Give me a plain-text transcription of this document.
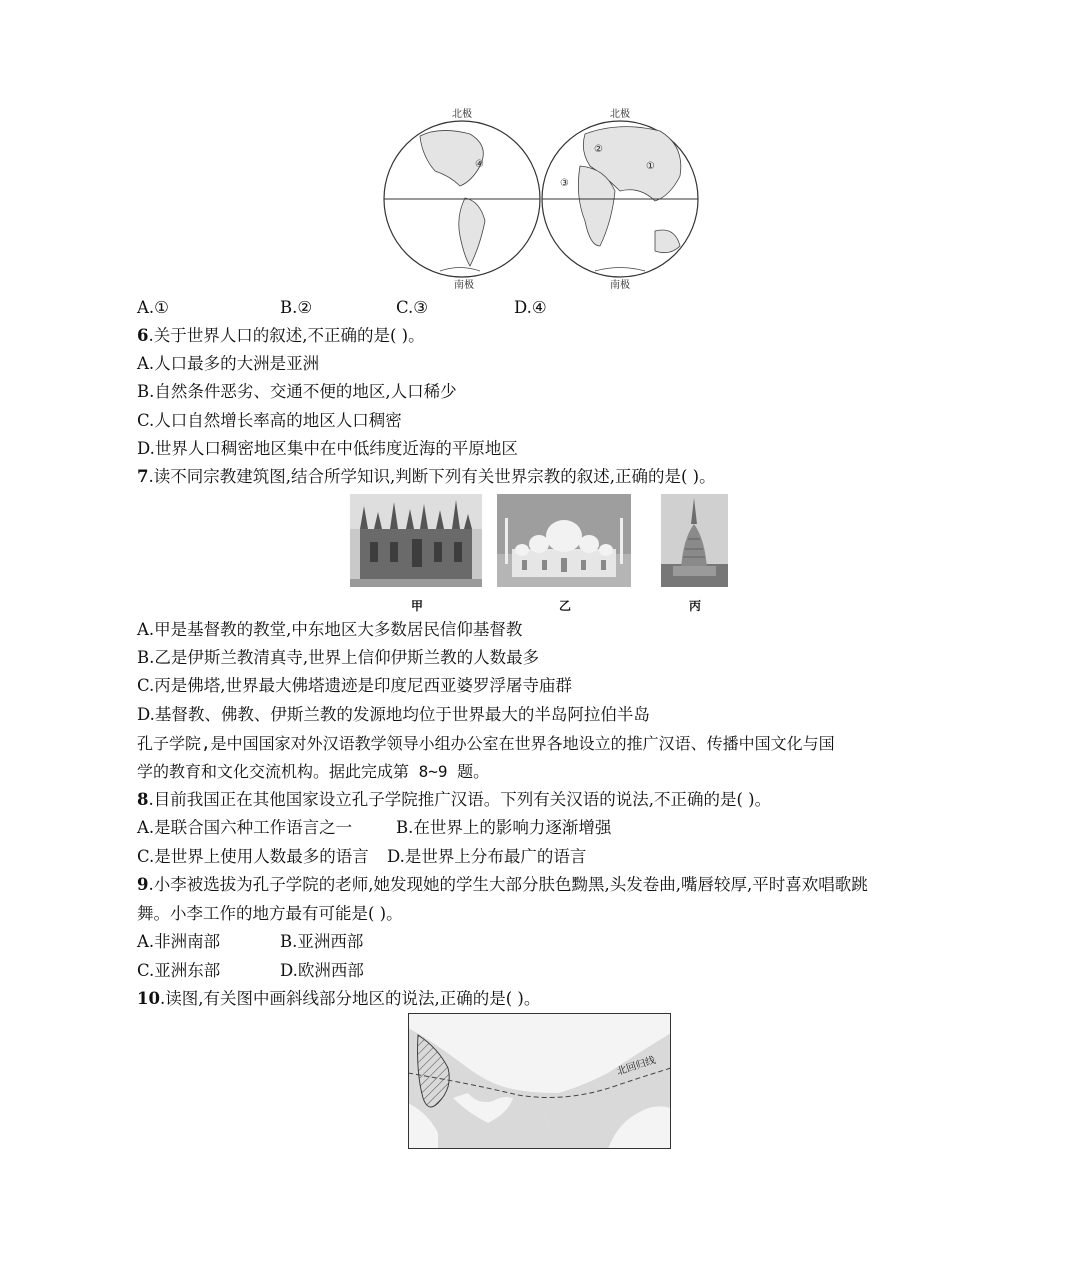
北极	北极
南极	南极
①
②
③
④
A.①	B.②	C.③	D.④
6.关于世界人口的叙述,不正确的是( )。
A.人口最多的大洲是亚洲
B.自然条件恶劣、交通不便的地区,人口稀少
C.人口自然增长率高的地区人口稠密
D.世界人口稠密地区集中在中低纬度近海的平原地区
7.读不同宗教建筑图,结合所学知识,判断下列有关世界宗教的叙述,正确的是( )。
甲	乙	丙
A.甲是基督教的教堂,中东地区大多数居民信仰基督教
B.乙是伊斯兰教清真寺,世界上信仰伊斯兰教的人数最多
C.丙是佛塔,世界最大佛塔遗迹是印度尼西亚婆罗浮屠寺庙群
D.基督教、佛教、伊斯兰教的发源地均位于世界最大的半岛阿拉伯半岛
孔子学院,是中国国家对外汉语教学领导小组办公室在世界各地设立的推广汉语、传播中国文化与国
学的教育和文化交流机构。据此完成第 8~9 题。
8.目前我国正在其他国家设立孔子学院推广汉语。下列有关汉语的说法,不正确的是( )。
A.是联合国六种工作语言之一	B.在世界上的影响力逐渐增强
C.是世界上使用人数最多的语言 D.是世界上分布最广的语言
9.小李被选拔为孔子学院的老师,她发现她的学生大部分肤色黝黑,头发卷曲,嘴唇较厚,平时喜欢唱歌跳
舞。小李工作的地方最有可能是( )。
A.非洲南部	B.亚洲西部
C.亚洲东部	D.欧洲西部
10.读图,有关图中画斜线部分地区的说法,正确的是( )。
北回归线
